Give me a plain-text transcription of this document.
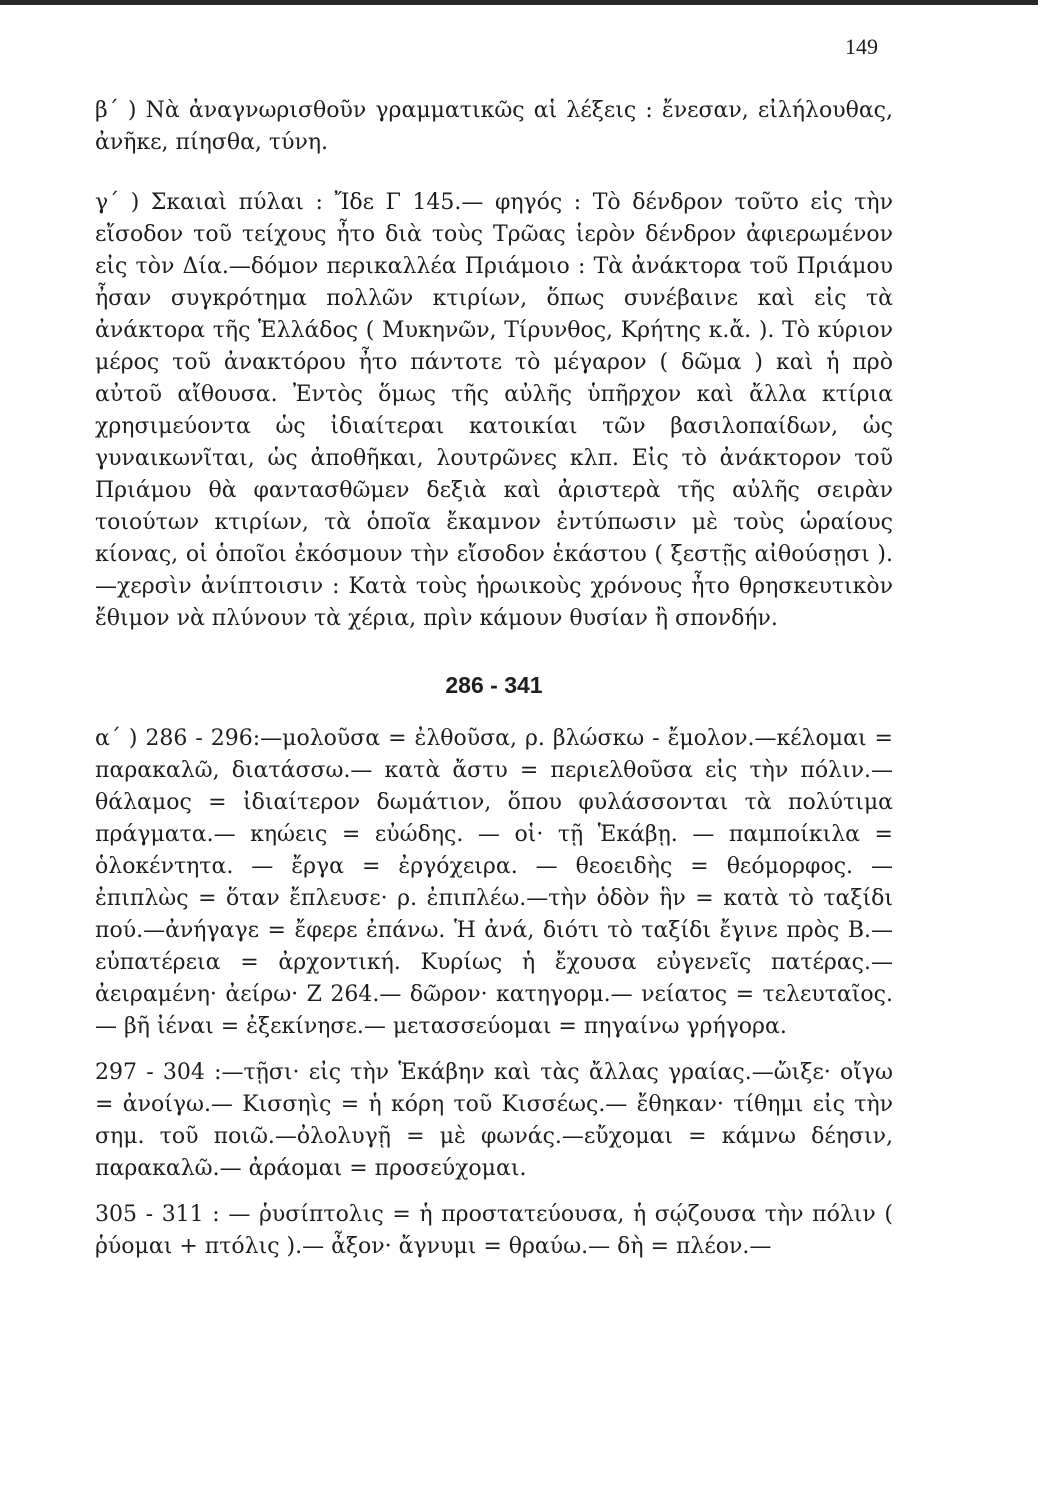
149

β΄ ) Νὰ ἀναγνωρισθοῦν γραμματικῶς αἱ λέξεις : ἔνεσαν, εἰλήλουθας, ἀνῆκε, πίησθα, τύνη.

γ΄ ) Σκαιαὶ πύλαι : Ἴδε Γ 145.— φηγός : Τὸ δένδρον τοῦτο εἰς τὴν εἴσοδον τοῦ τείχους ἦτο διὰ τοὺς Τρῶας ἱερὸν δένδρον ἀφιερωμένον εἰς τὸν Δία.—δόμον περικαλλέα Πριάμοιο : Τὰ ἀνάκτορα τοῦ Πριάμου ἦσαν συγκρότημα πολλῶν κτιρίων, ὅπως συνέβαινε καὶ εἰς τὰ ἀνάκτορα τῆς Ἑλλάδος ( Μυκηνῶν, Τίρυνθος, Κρήτης κ.ἄ. ). Τὸ κύριον μέρος τοῦ ἀνακτόρου ἦτο πάντοτε τὸ μέγαρον ( δῶμα ) καὶ ἡ πρὸ αὐτοῦ αἴθουσα. Ἐντὸς ὅμως τῆς αὐλῆς ὑπῆρχον καὶ ἄλλα κτίρια χρησιμεύοντα ὡς ἰδιαίτεραι κατοικίαι τῶν βασιλοπαίδων, ὡς γυναικωνῖται, ὡς ἀποθῆκαι, λουτρῶνες κλπ. Εἰς τὸ ἀνάκτορον τοῦ Πριάμου θὰ φαντασθῶμεν δεξιὰ καὶ ἀριστερὰ τῆς αὐλῆς σειρὰν τοιούτων κτιρίων, τὰ ὁποῖα ἔκαμνον ἐντύπωσιν μὲ τοὺς ὡραίους κίονας, οἱ ὁποῖοι ἐκόσμουν τὴν εἴσοδον ἑκάστου ( ξεστῇς αἰθούσῃσι ).—χερσὶν ἀνίπτοισιν : Κατὰ τοὺς ἡρωικοὺς χρόνους ἦτο θρησκευτικὸν ἔθιμον νὰ πλύνουν τὰ χέρια, πρὶν κάμουν θυσίαν ἢ σπονδήν.

286 - 341

α΄ ) 286 - 296:—μολοῦσα = ἐλθοῦσα, ρ. βλώσκω - ἔμολον.—κέλομαι = παρακαλῶ, διατάσσω.— κατὰ ἄστυ = περιελθοῦσα εἰς τὴν πόλιν.—θάλαμος = ἰδιαίτερον δωμάτιον, ὅπου φυλάσσονται τὰ πολύτιμα πράγματα.— κηώεις = εὐώδης. — οἱ· τῇ Ἑκάβῃ. — παμποίκιλα = ὁλοκέντητα. — ἔργα = ἐργόχειρα. — θεοειδὴς = θεόμορφος. — ἐπιπλὼς = ὅταν ἔπλευσε· ρ. ἐπιπλέω.—τὴν ὁδὸν ἣν = κατὰ τὸ ταξίδι πού.—ἀνήγαγε = ἔφερε ἐπάνω. Ἡ ἀνά, διότι τὸ ταξίδι ἔγινε πρὸς Β.—εὐπατέρεια = ἀρχοντική. Κυρίως ἡ ἔχουσα εὐγενεῖς πατέρας.— ἀειραμένη· ἀείρω· Ζ 264.— δῶρον· κατηγορμ.— νείατος = τελευταῖος.— βῆ ἰέναι = ἐξεκίνησε.— μετασσεύομαι = πηγαίνω γρήγορα.

297 - 304 :—τῇσι· εἰς τὴν Ἑκάβην καὶ τὰς ἄλλας γραίας.—ὤιξε· οἴγω = ἀνοίγω.— Κισσηὶς = ἡ κόρη τοῦ Κισσέως.— ἔθηκαν· τίθημι εἰς τὴν σημ. τοῦ ποιῶ.—ὀλολυγῇ = μὲ φωνάς.—εὔχομαι = κάμνω δέησιν, παρακαλῶ.— ἀράομαι = προσεύχομαι.

305 - 311 : — ῥυσίπτολις = ἡ προστατεύουσα, ἡ σῴζουσα τὴν πόλιν ( ῥύομαι + πτόλις ).— ἆξον· ἄγνυμι = θραύω.— δὴ = πλέον.—
